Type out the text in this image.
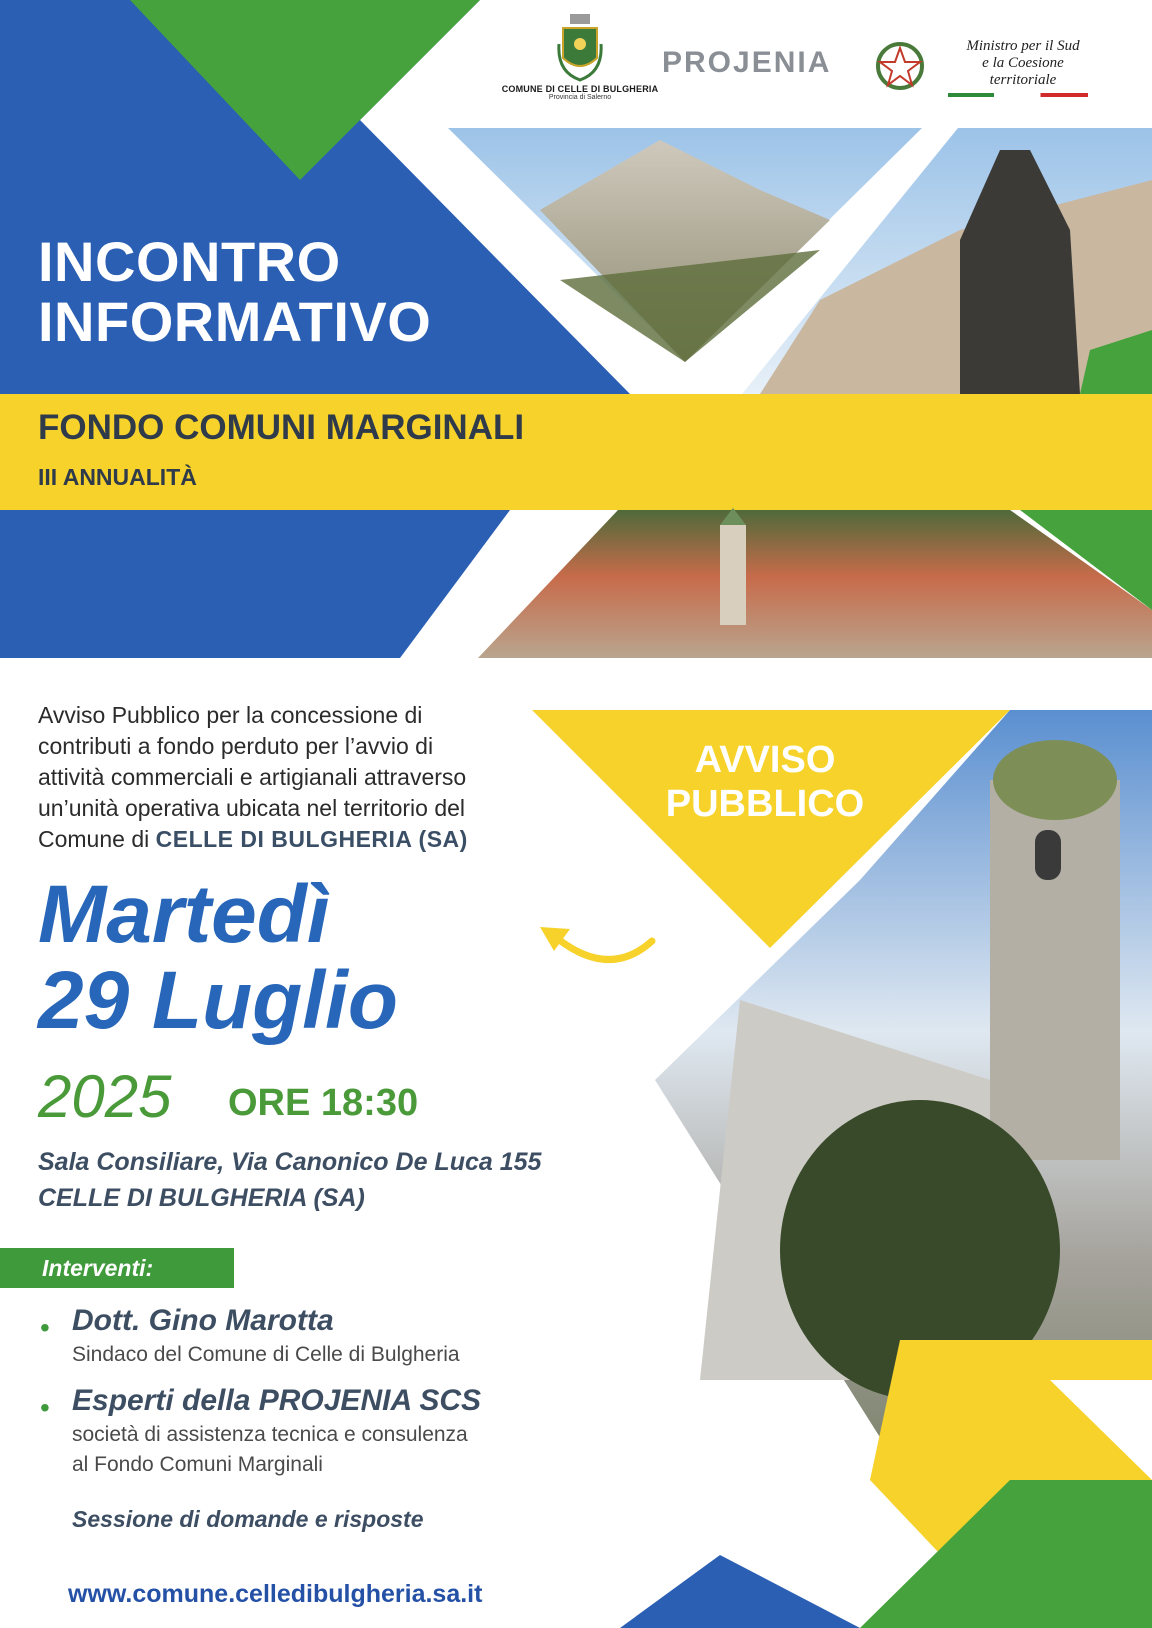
COMUNE DI CELLE DI BULGHERIA
Provincia di Salerno
PROJENIA	Ministro per il Sud
e la Coesione territoriale
INCONTRO
INFORMATIVO
FONDO COMUNI MARGINALI
III ANNUALITÀ
AVVISO
PUBBLICO
Avviso Pubblico per la concessione di
contributi a fondo perduto per l’avvio di
attività commerciali e artigianali attraverso
un’unità operativa ubicata nel territorio del
Comune di CELLE DI BULGHERIA (SA)
Martedì
29 Luglio
2025 ORE 18:30
Sala Consiliare, Via Canonico De Luca 155
CELLE DI BULGHERIA (SA)
Interventi:
• Dott. Gino Marotta
Sindaco del Comune di Celle di Bulgheria
• Esperti della PROJENIA SCS
società di assistenza tecnica e consulenza
al Fondo Comuni Marginali
Sessione di domande e risposte
www.comune.celledibulgheria.sa.it
